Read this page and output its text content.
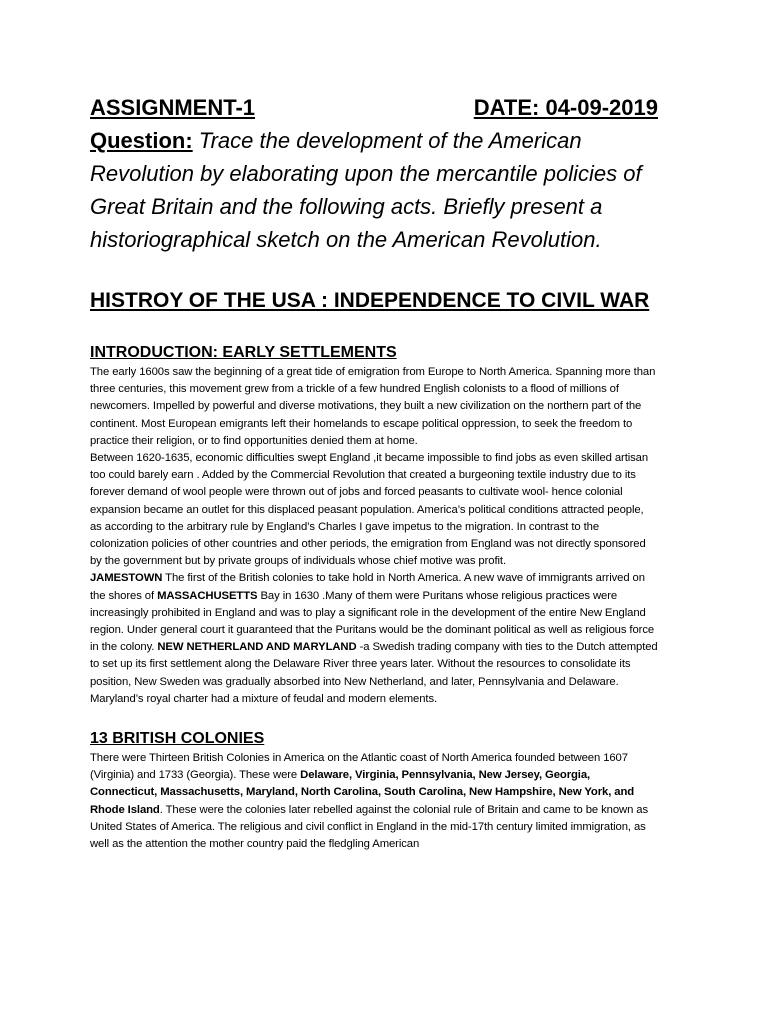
ASSIGNMENT-1	DATE: 04-09-2019
Question: Trace the development of the American Revolution by elaborating upon the mercantile policies of Great Britain and the following acts. Briefly present a historiographical sketch on the American Revolution.
HISTROY OF THE USA : INDEPENDENCE TO CIVIL WAR
INTRODUCTION: EARLY SETTLEMENTS

The early 1600s saw the beginning of a great tide of emigration from Europe to North America. Spanning more than three centuries, this movement grew from a trickle of a few hundred English colonists to a flood of millions of newcomers. Impelled by powerful and diverse motivations, they built a new civilization on the northern part of the continent. Most European emigrants left their homelands to escape political oppression, to seek the freedom to practice their religion, or to find opportunities denied them at home.

Between 1620-1635, economic difficulties swept England ,it became impossible to find jobs as even skilled artisan too could barely earn . Added by the Commercial Revolution that created a burgeoning textile industry due to its forever demand of wool people were thrown out of jobs and forced peasants to cultivate wool- hence colonial expansion became an outlet for this displaced peasant population. America’s political conditions attracted people, as according to the arbitrary rule by England’s Charles I gave impetus to the migration. In contrast to the colonization policies of other countries and other periods, the emigration from England was not directly sponsored by the government but by private groups of individuals whose chief motive was profit.

JAMESTOWN The first of the British colonies to take hold in North America. A new wave of immigrants arrived on the shores of MASSACHUSETTS Bay in 1630 .Many of them were Puritans whose religious practices were increasingly prohibited in England and was to play a significant role in the development of the entire New England region. Under general court it guaranteed that the Puritans would be the dominant political as well as religious force in the colony. NEW NETHERLAND AND MARYLAND -a Swedish trading company with ties to the Dutch attempted to set up its first settlement along the Delaware River three years later. Without the resources to consolidate its position, New Sweden was gradually absorbed into New Netherland, and later, Pennsylvania and Delaware. Maryland’s royal charter had a mixture of feudal and modern elements.

13 BRITISH COLONIES

There were Thirteen British Colonies in America on the Atlantic coast of North America founded between 1607 (Virginia) and 1733 (Georgia). These were Delaware, Virginia, Pennsylvania, New Jersey, Georgia, Connecticut, Massachusetts, Maryland, North Carolina, South Carolina, New Hampshire, New York, and Rhode Island. These were the colonies later rebelled against the colonial rule of Britain and came to be known as United States of America. The religious and civil conflict in England in the mid-17th century limited immigration, as well as the attention the mother country paid the fledgling American
